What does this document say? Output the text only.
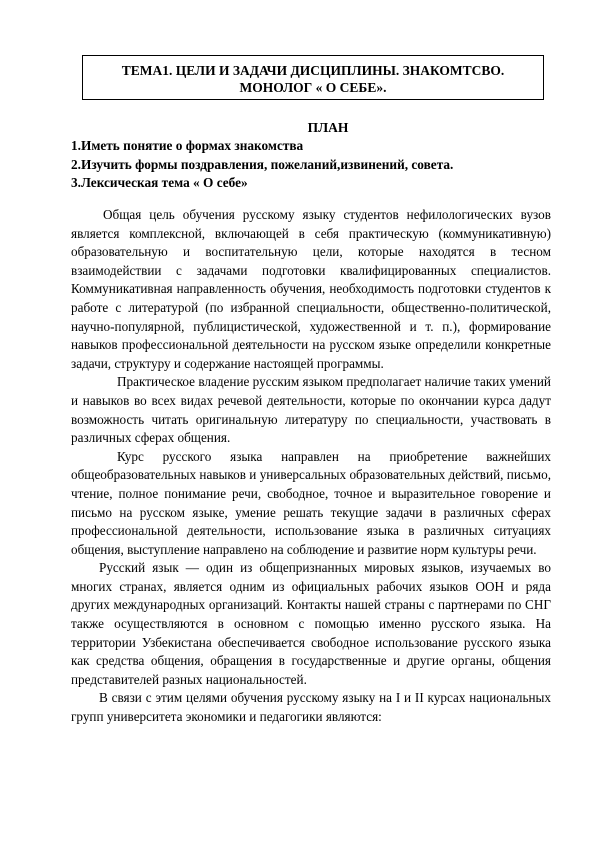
ТЕМА1. ЦЕЛИ И ЗАДАЧИ ДИСЦИПЛИНЫ. ЗНАКОМТСВО.
МОНОЛОГ « О СЕБЕ».
ПЛАН
1.Иметь понятие о формах знакомства
2.Изучить формы поздравления, пожеланий,извинений, совета.
3.Лексическая тема « О себе»

Общая цель обучения русскому языку студентов нефилологических вузов является комплексной, включающей в себя практическую (коммуникативную) образовательную и воспитательную цели, которые находятся в тесном взаимодействии с задачами подготовки квалифицированных специалистов. Коммуникативная направленность обучения, необходимость подготовки студентов к работе с литературой (по избранной специальности, общественно-политической, научно-популярной, публицистической, художественной и т. п.), формирование навыков профессиональной деятельности на русском языке определили конкретные задачи, структуру и содержание настоящей программы.

Практическое владение русским языком предполагает наличие таких умений и навыков во всех видах речевой деятельности, которые по окончании курса дадут возможность читать оригинальную литературу по специальности, участвовать в различных сферах общения.

Курс русского языка направлен на приобретение важнейших общеобразовательных навыков и универсальных образовательных действий, письмо, чтение, полное понимание речи, свободное, точное и выразительное говорение и письмо на русском языке, умение решать текущие задачи в различных сферах профессиональной деятельности, использование языка в различных ситуациях общения, выступление направлено на соблюдение и развитие норм культуры речи.

Русский язык — один из общепризнанных мировых языков, изучаемых во многих странах, является одним из официальных рабочих языков ООН и ряда других международных организаций. Контакты нашей страны с партнерами по СНГ также осуществляются в основном с помощью именно русского языка. На территории Узбекистана обеспечивается свободное использование русского языка как средства общения, обращения в государственные и другие органы, общения представителей разных национальностей.

В связи с этим целями обучения русскому языку на I и II курсах национальных групп университета экономики и педагогики являются:
